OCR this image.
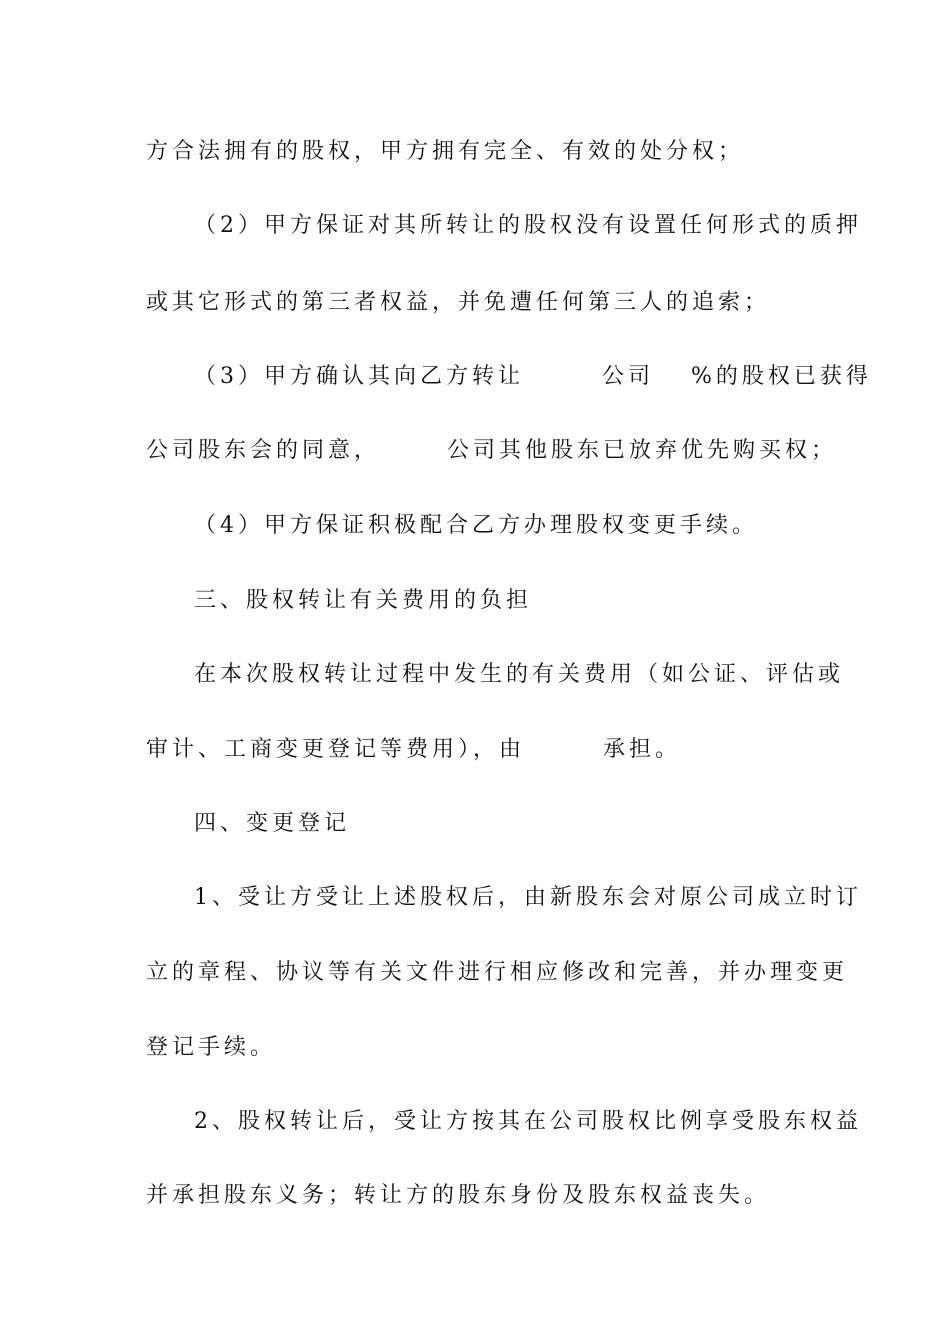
方合法拥有的股权，甲方拥有完全、有效的处分权；
（2）甲方保证对其所转让的股权没有设置任何形式的质押
或其它形式的第三者权益，并免遭任何第三人的追索；
（3）甲方确认其向乙方转让　　　公司　 %的股权已获得
公司股东会的同意，　　　公司其他股东已放弃优先购买权；
（4）甲方保证积极配合乙方办理股权变更手续。
三、股权转让有关费用的负担
在本次股权转让过程中发生的有关费用（如公证、评估或
审计、工商变更登记等费用），由　　　承担。
四、变更登记
1、受让方受让上述股权后，由新股东会对原公司成立时订
立的章程、协议等有关文件进行相应修改和完善，并办理变更
登记手续。
2、股权转让后，受让方按其在公司股权比例享受股东权益
并承担股东义务；转让方的股东身份及股东权益丧失。
